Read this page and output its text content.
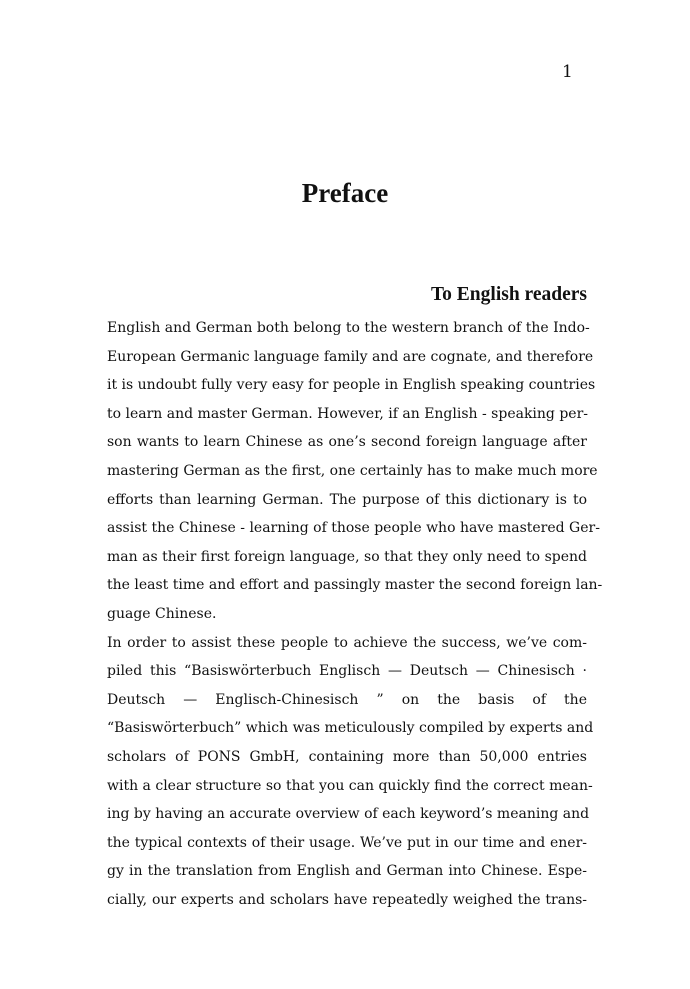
1
Preface
To English readers
English and German both belong to the western branch of the Indo-
European Germanic language family and are cognate, and therefore
it is undoubt fully very easy for people in English speaking countries
to learn and master German. However, if an English - speaking per-
son wants to learn Chinese as one’s second foreign language after
mastering German as the first, one certainly has to make much more
efforts than learning German. The purpose of this dictionary is to
assist the Chinese - learning of those people who have mastered Ger-
man as their first foreign language, so that they only need to spend
the least time and effort and passingly master the second foreign lan-
guage Chinese.
In order to assist these people to achieve the success, we’ve com-
piled this “Basiswörterbuch Englisch — Deutsch — Chinesisch ·
Deutsch — Englisch-Chinesisch ” on the basis of the
“Basiswörterbuch” which was meticulously compiled by experts and
scholars of PONS GmbH, containing more than 50,000 entries
with a clear structure so that you can quickly find the correct mean-
ing by having an accurate overview of each keyword’s meaning and
the typical contexts of their usage. We’ve put in our time and ener-
gy in the translation from English and German into Chinese. Espe-
cially, our experts and scholars have repeatedly weighed the trans-
